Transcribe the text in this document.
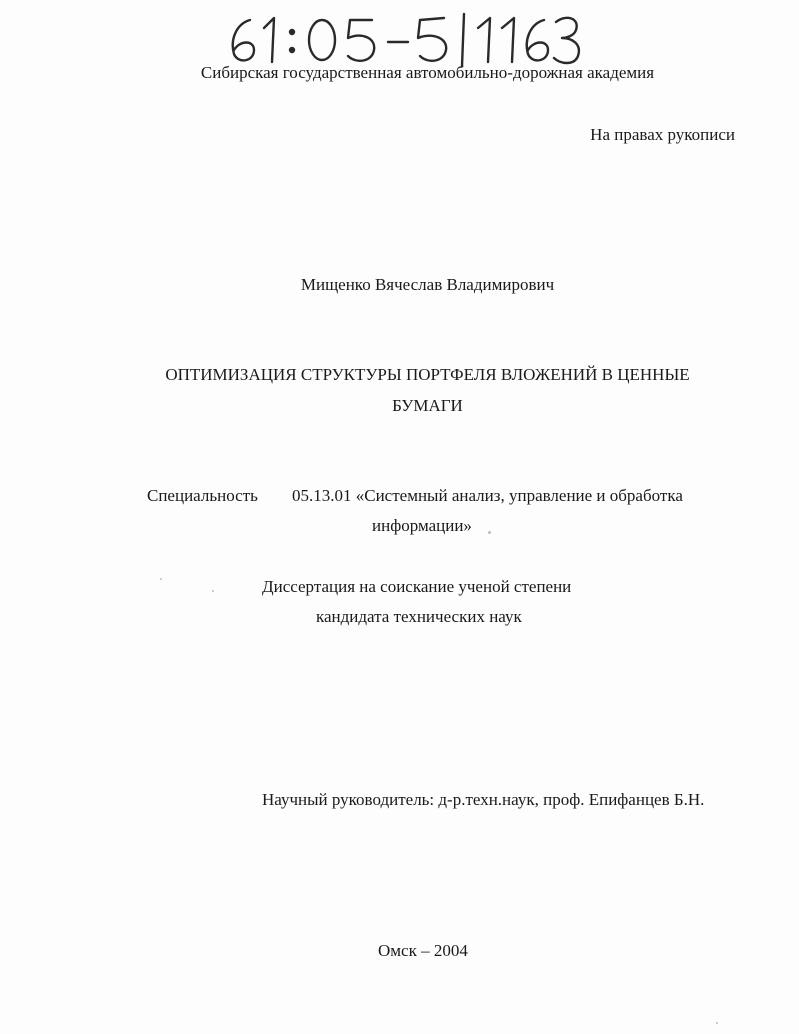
Сибирская государственная автомобильно-дорожная академия
На правах рукописи
Мищенко Вячеслав Владимирович
ОПТИМИЗАЦИЯ СТРУКТУРЫ ПОРТФЕЛЯ ВЛОЖЕНИЙ В ЦЕННЫЕ
БУМАГИ
Специальность 05.13.01 «Системный анализ, управление и обработка
информации»
Диссертация на соискание ученой степени
кандидата технических наук
Научный руководитель: д-р.техн.наук, проф. Епифанцев Б.Н.
Омск – 2004
